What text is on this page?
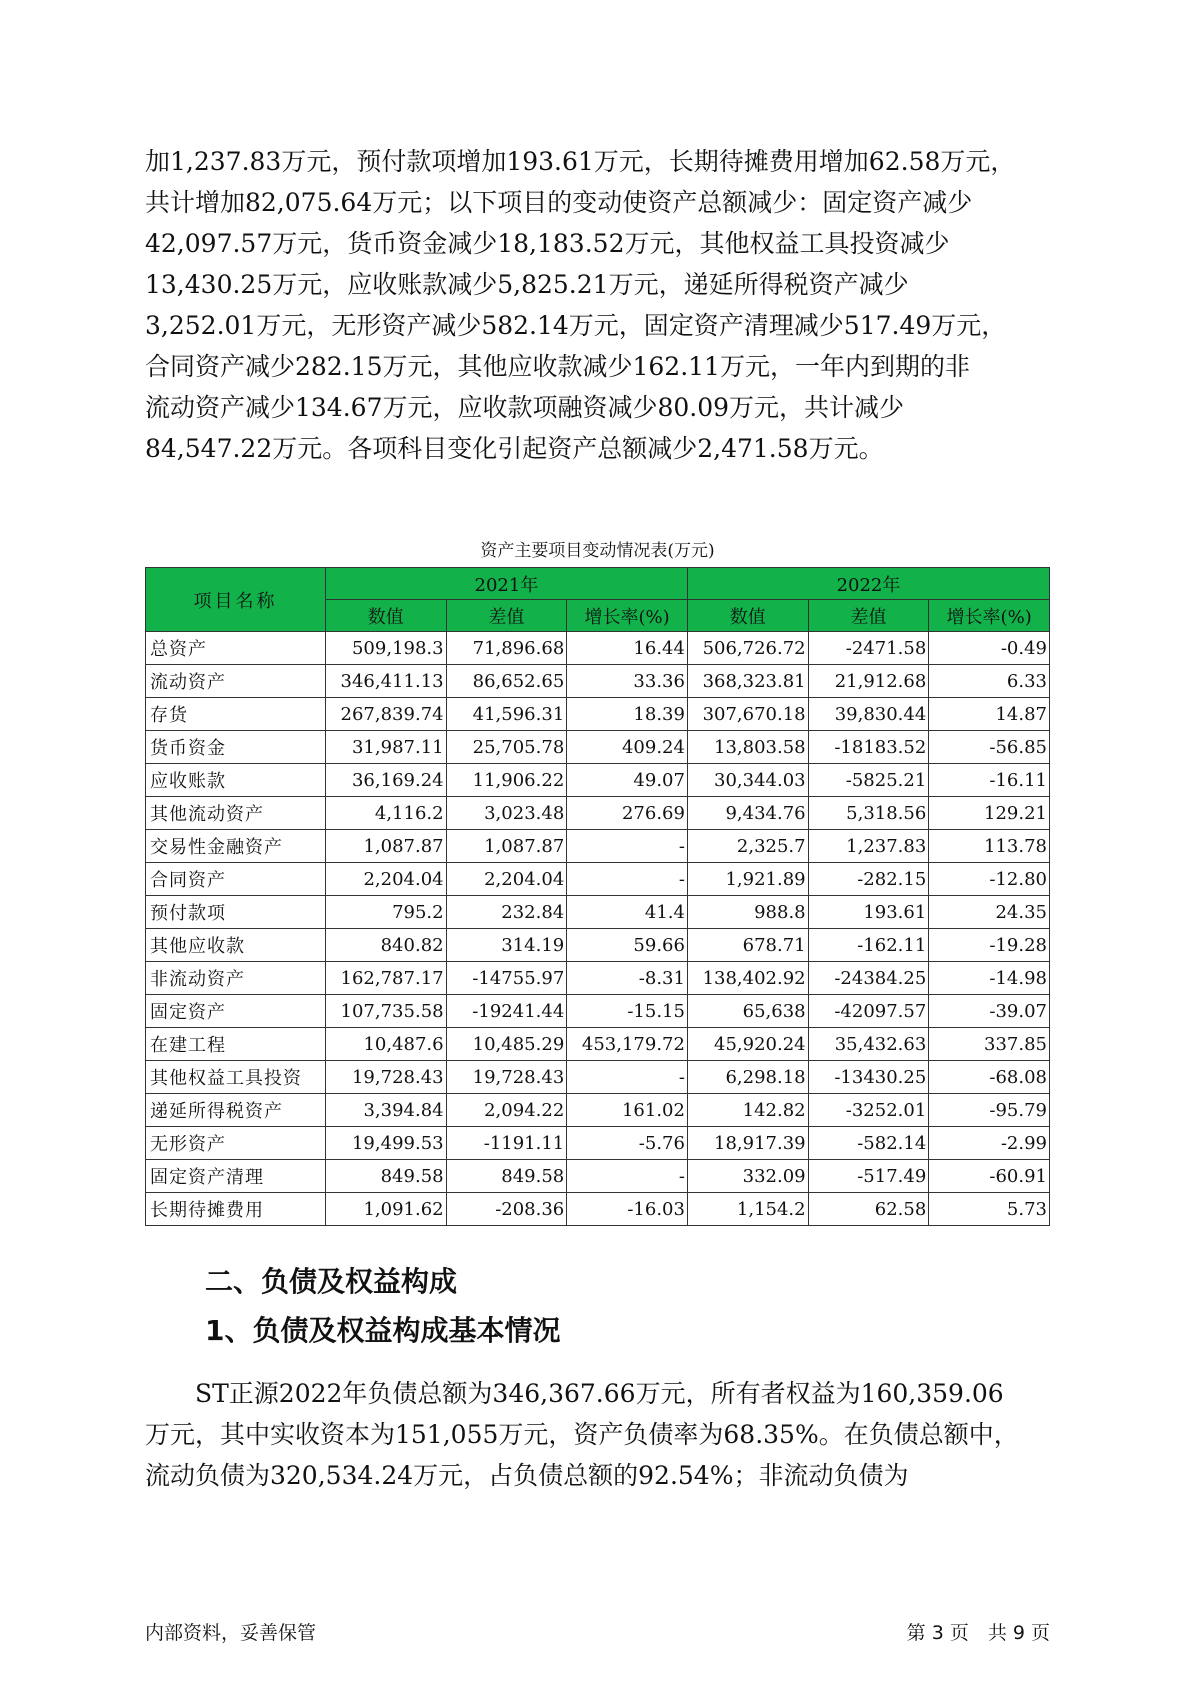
加1,237.83万元，预付款项增加193.61万元，长期待摊费用增加62.58万元，

共计增加82,075.64万元；以下项目的变动使资产总额减少：固定资产减少

42,097.57万元，货币资金减少18,183.52万元，其他权益工具投资减少

13,430.25万元，应收账款减少5,825.21万元，递延所得税资产减少

3,252.01万元，无形资产减少582.14万元，固定资产清理减少517.49万元，

合同资产减少282.15万元，其他应收款减少162.11万元，一年内到期的非

流动资产减少134.67万元，应收款项融资减少80.09万元，共计减少

84,547.22万元。各项科目变化引起资产总额减少2,471.58万元。

资产主要项目变动情况表(万元)
项目名称	2021年			2022年		
	数值	差值	增长率(%)	数值	差值	增长率(%)
总资产	509,198.3	71,896.68	16.44	506,726.72	-2471.58	-0.49
流动资产	346,411.13	86,652.65	33.36	368,323.81	21,912.68	6.33
存货	267,839.74	41,596.31	18.39	307,670.18	39,830.44	14.87
货币资金	31,987.11	25,705.78	409.24	13,803.58	-18183.52	-56.85
应收账款	36,169.24	11,906.22	49.07	30,344.03	-5825.21	-16.11
其他流动资产	4,116.2	3,023.48	276.69	9,434.76	5,318.56	129.21
交易性金融资产	1,087.87	1,087.87	-	2,325.7	1,237.83	113.78
合同资产	2,204.04	2,204.04	-	1,921.89	-282.15	-12.80
预付款项	795.2	232.84	41.4	988.8	193.61	24.35
其他应收款	840.82	314.19	59.66	678.71	-162.11	-19.28
非流动资产	162,787.17	-14755.97	-8.31	138,402.92	-24384.25	-14.98
固定资产	107,735.58	-19241.44	-15.15	65,638	-42097.57	-39.07
在建工程	10,487.6	10,485.29	453,179.72	45,920.24	35,432.63	337.85
其他权益工具投资	19,728.43	19,728.43	-	6,298.18	-13430.25	-68.08
递延所得税资产	3,394.84	2,094.22	161.02	142.82	-3252.01	-95.79
无形资产	19,499.53	-1191.11	-5.76	18,917.39	-582.14	-2.99
固定资产清理	849.58	849.58	-	332.09	-517.49	-60.91
长期待摊费用	1,091.62	-208.36	-16.03	1,154.2	62.58	5.73
二、负债及权益构成
1、负债及权益构成基本情况

　　ST正源2022年负债总额为346,367.66万元，所有者权益为160,359.06

万元，其中实收资本为151,055万元，资产负债率为68.35%。在负债总额中，

流动负债为320,534.24万元，占负债总额的92.54%；非流动负债为

内部资料，妥善保管	第 3 页　共 9 页
